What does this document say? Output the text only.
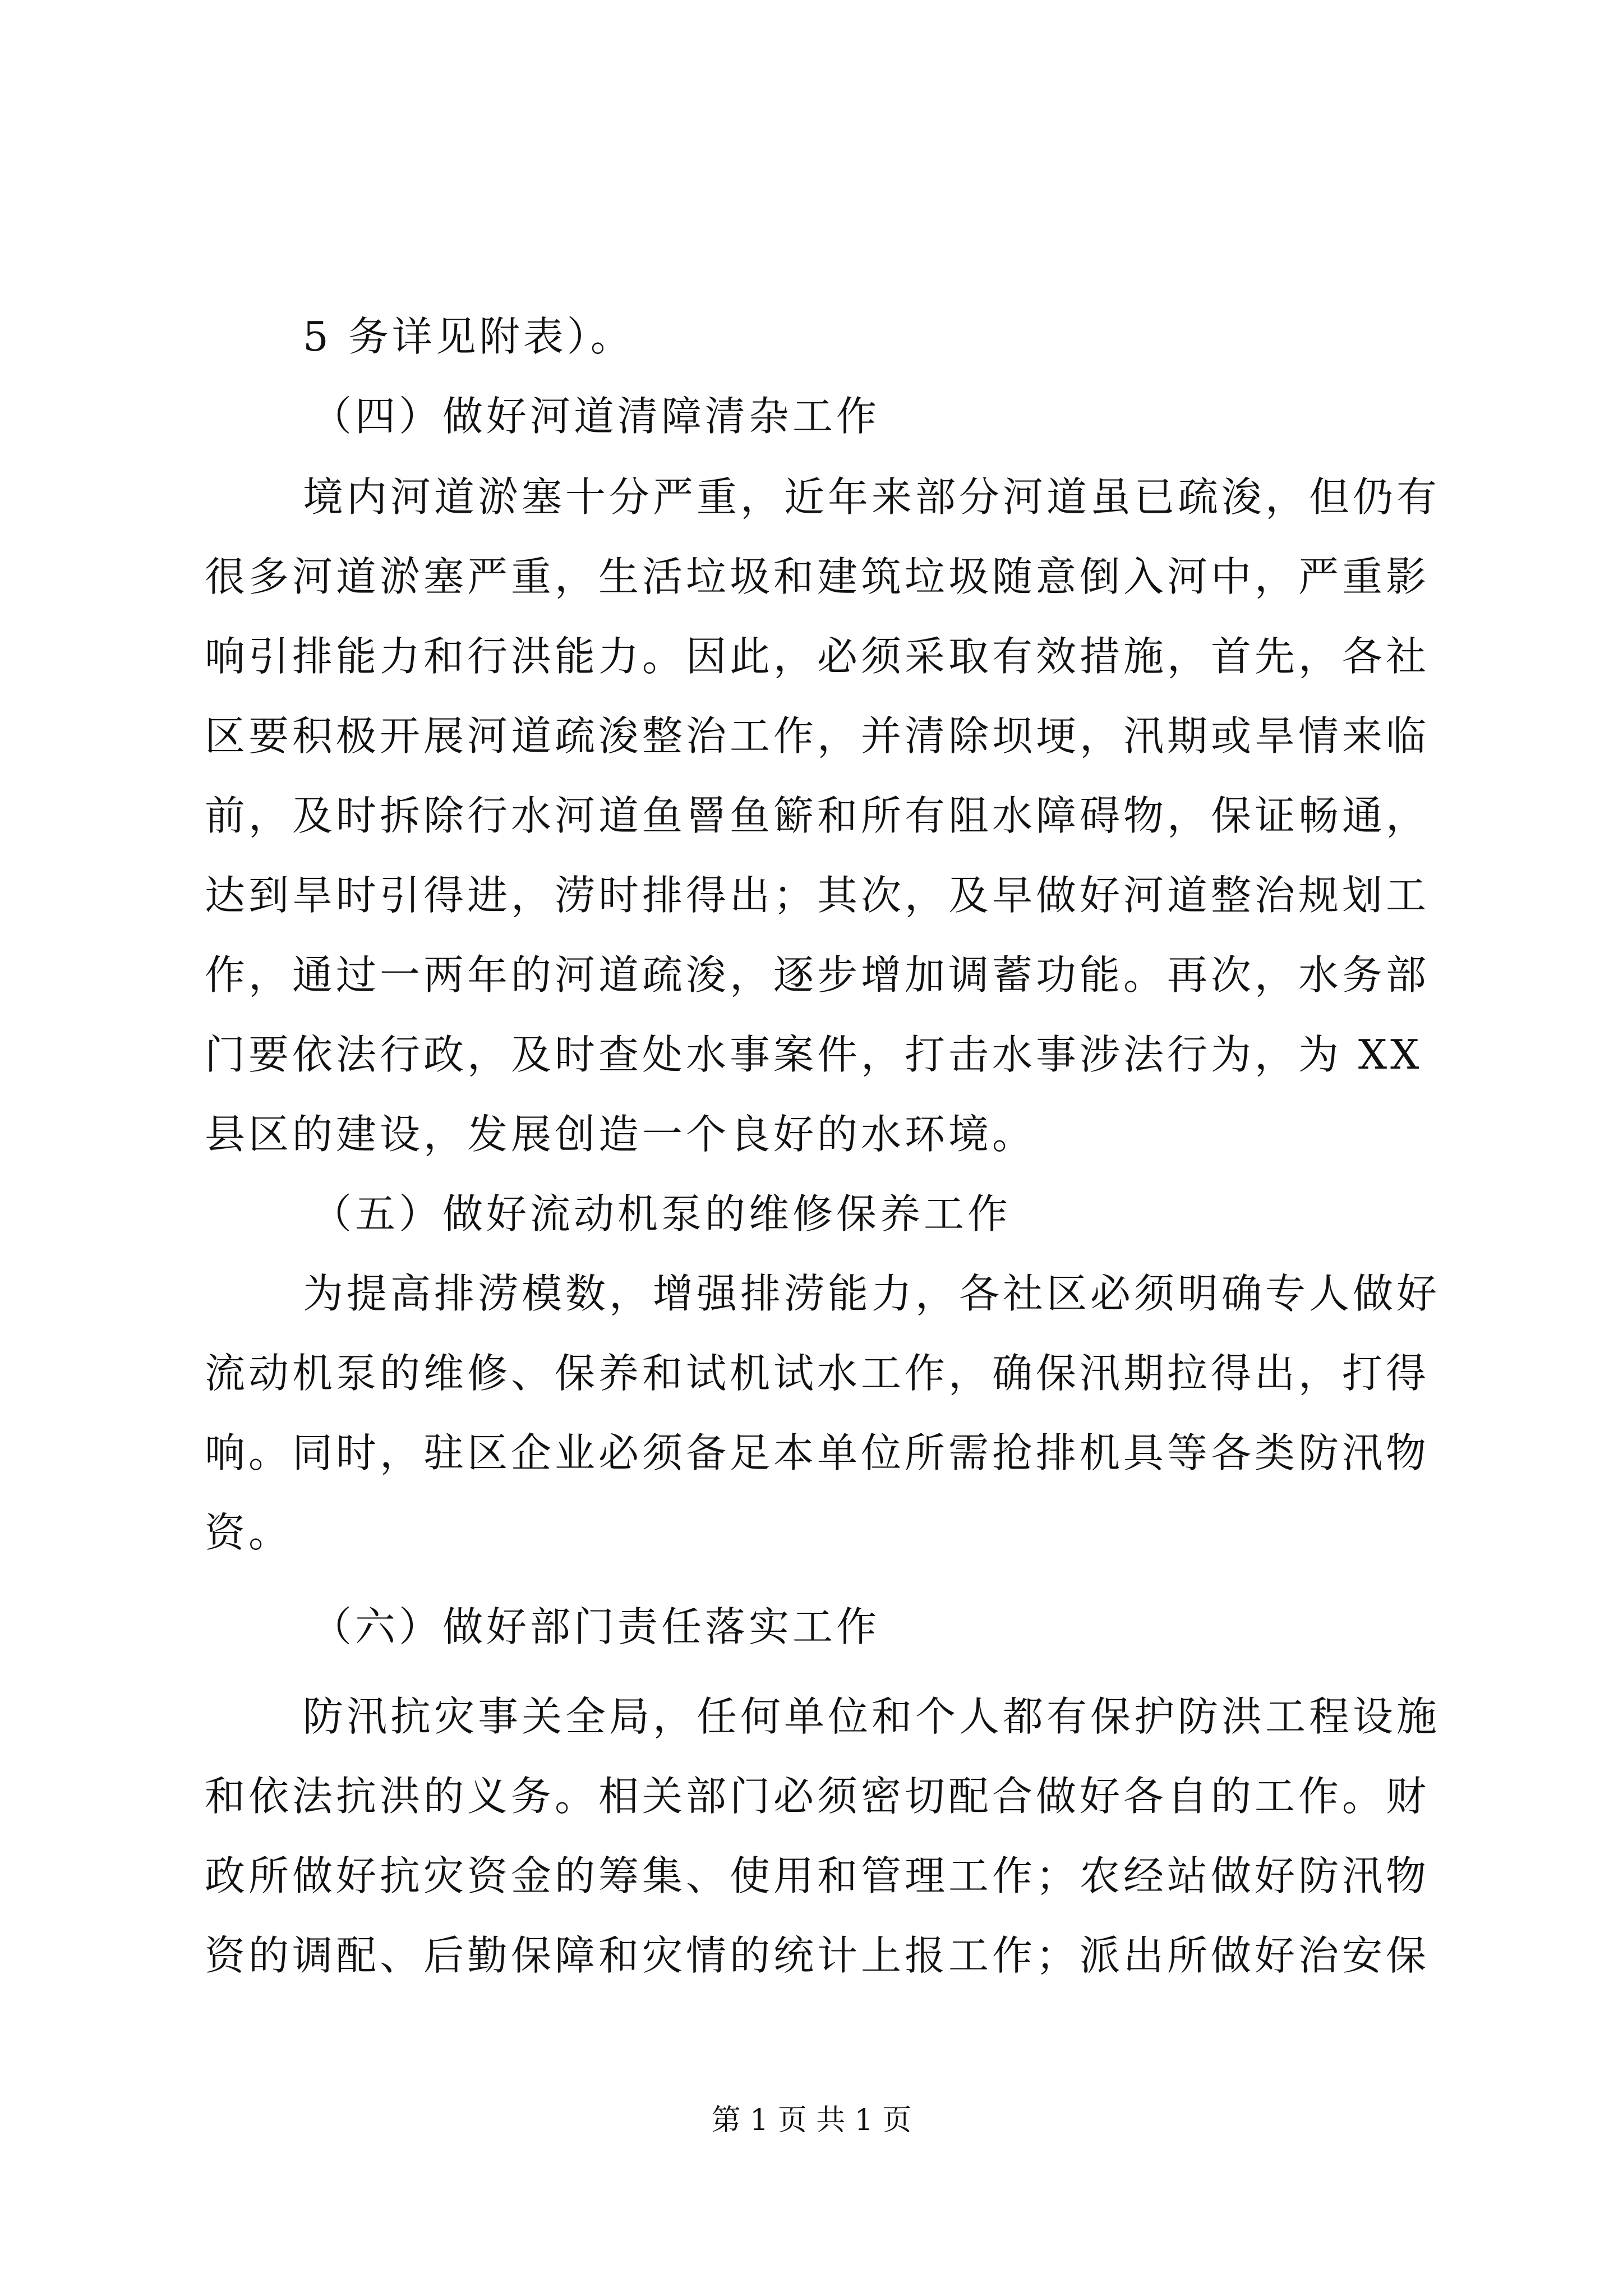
5 务详见附表）。
（四）做好河道清障清杂工作
境内河道淤塞十分严重，近年来部分河道虽已疏浚，但仍有
很多河道淤塞严重，生活垃圾和建筑垃圾随意倒入河中，严重影
响引排能力和行洪能力。因此，必须采取有效措施，首先，各社
区要积极开展河道疏浚整治工作，并清除坝埂，汛期或旱情来临
前，及时拆除行水河道鱼罾鱼簖和所有阻水障碍物，保证畅通，
达到旱时引得进，涝时排得出；其次，及早做好河道整治规划工
作，通过一两年的河道疏浚，逐步增加调蓄功能。再次，水务部
门要依法行政，及时查处水事案件，打击水事涉法行为，为 XX
县区的建设，发展创造一个良好的水环境。
（五）做好流动机泵的维修保养工作
为提高排涝模数，增强排涝能力，各社区必须明确专人做好
流动机泵的维修、保养和试机试水工作，确保汛期拉得出，打得
响。同时，驻区企业必须备足本单位所需抢排机具等各类防汛物
资。
（六）做好部门责任落实工作
防汛抗灾事关全局，任何单位和个人都有保护防洪工程设施
和依法抗洪的义务。相关部门必须密切配合做好各自的工作。财
政所做好抗灾资金的筹集、使用和管理工作；农经站做好防汛物
资的调配、后勤保障和灾情的统计上报工作；派出所做好治安保
第 1 页 共 1 页
